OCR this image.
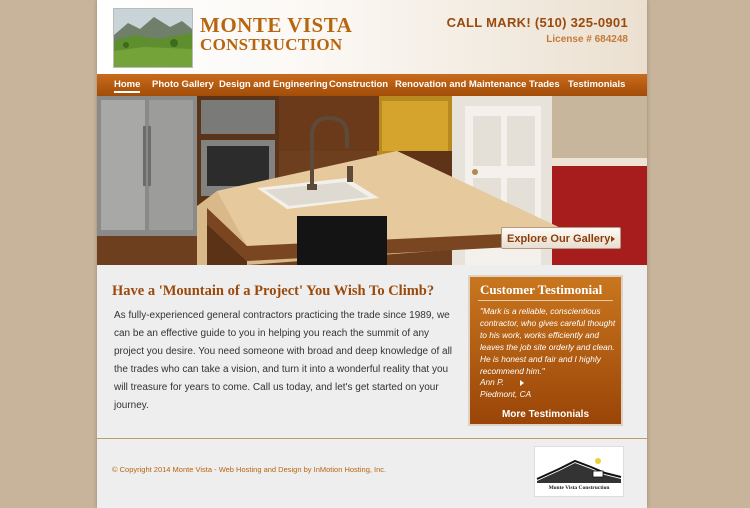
MONTE VISTA
CONSTRUCTION
CALL MARK! (510) 325-0901
License # 684248
Home Photo Gallery Design and Engineering Construction Renovation and Maintenance Trades Testimonials
Explore Our Gallery
Have a 'Mountain of a Project' You Wish To Climb?

As fully-experienced general contractors practicing the trade since 1989, we can be an effective guide to you in helping you reach the summit of any project you desire. You need someone with broad and deep knowledge of all the trades who can take a vision, and turn it into a wonderful reality that you will treasure for years to come. Call us today, and let's get started on your journey.

Customer Testimonial
"Mark is a reliable, conscientious contractor, who gives careful thought to his work, works efficiently and leaves the job site orderly and clean. He is honest and fair and I highly recommend him."
Ann P.
Piedmont, CA
More Testimonials
© Copyright 2014 Monte Vista - Web Hosting and Design by InMotion Hosting, Inc.
Monte Vista Construction
